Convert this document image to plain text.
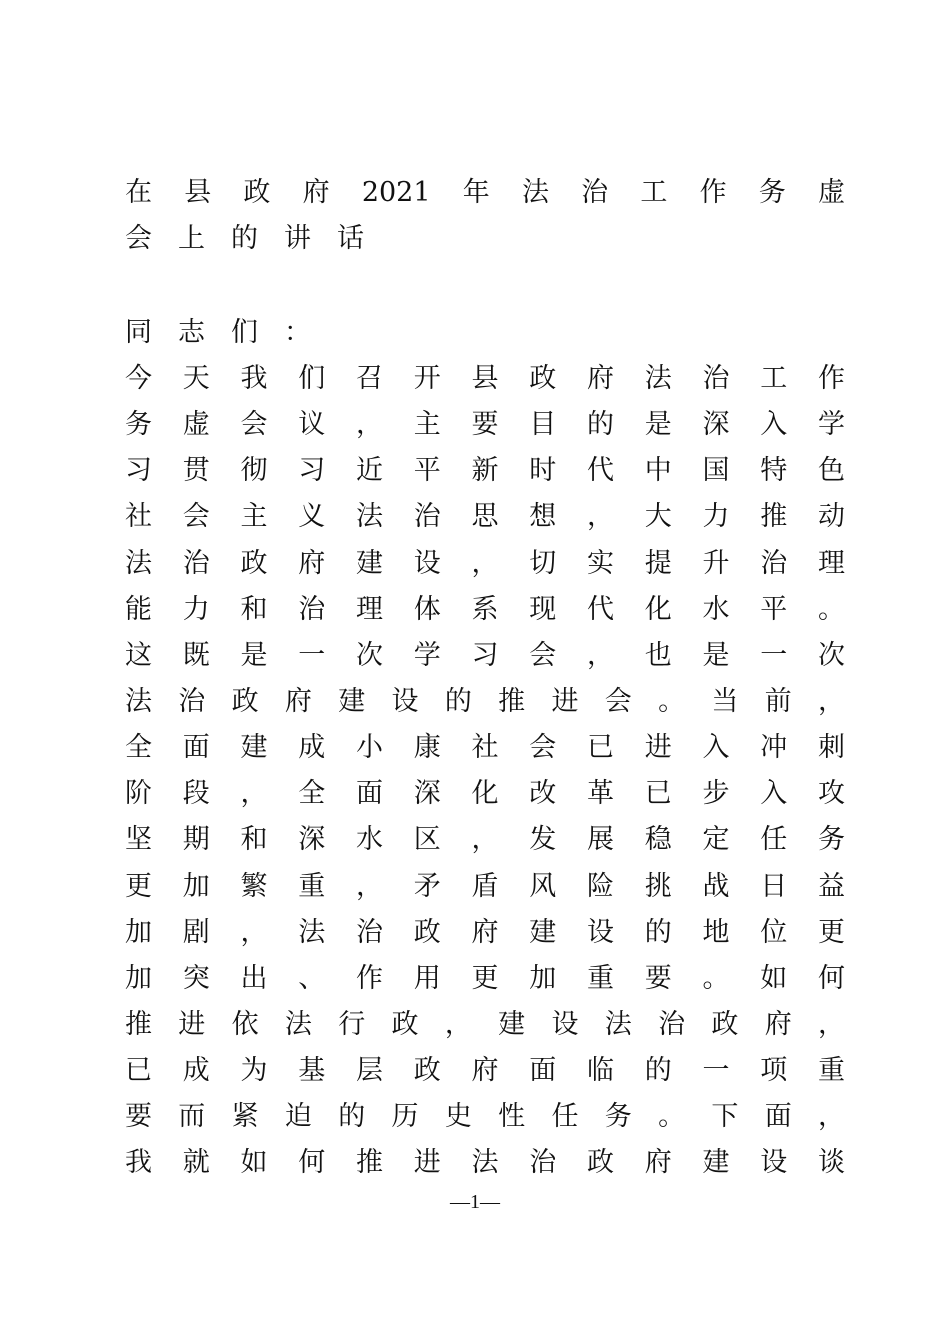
在县政府2021年法治工作务虚
会上的讲话
同志们：
今天我们召开县政府法治工作
务虚会议，主要目的是深入学
习贯彻习近平新时代中国特色
社会主义法治思想，大力推动
法治政府建设，切实提升治理
能力和治理体系现代化水平。
这既是一次学习会，也是一次
法治政府建设的推进会。当前，
全面建成小康社会已进入冲刺
阶段，全面深化改革已步入攻
坚期和深水区，发展稳定任务
更加繁重，矛盾风险挑战日益
加剧，法治政府建设的地位更
加突出、作用更加重要。如何
推进依法行政，建设法治政府，
已成为基层政府面临的一项重
要而紧迫的历史性任务。下面，
我就如何推进法治政府建设谈
—1—
